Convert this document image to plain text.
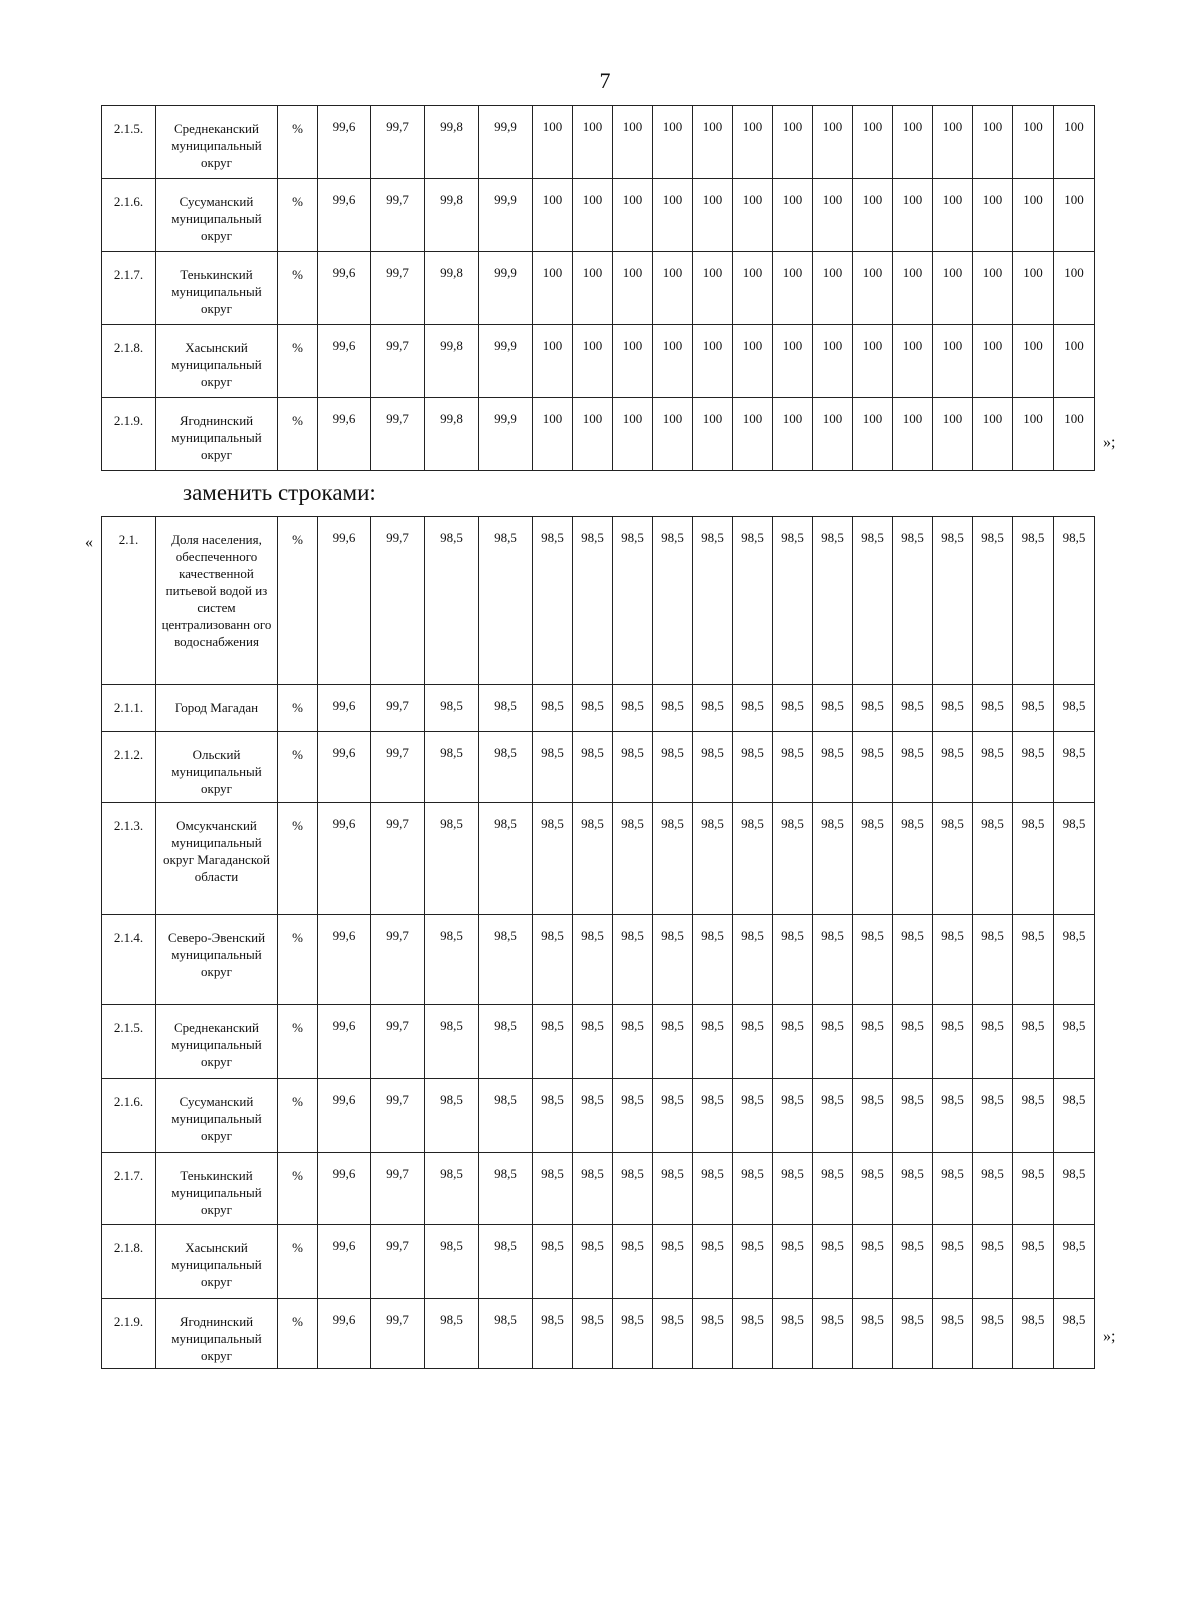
7
2.1.5.	Среднеканский муниципальный округ	%	99,6	99,7	99,8	99,9	100	100	100	100	100	100	100	100	100	100	100	100	100	100
2.1.6.	Сусуманский муниципальный округ	%	99,6	99,7	99,8	99,9	100	100	100	100	100	100	100	100	100	100	100	100	100	100
2.1.7.	Тенькинский муниципальный округ	%	99,6	99,7	99,8	99,9	100	100	100	100	100	100	100	100	100	100	100	100	100	100
2.1.8.	Хасынский муниципальный округ	%	99,6	99,7	99,8	99,9	100	100	100	100	100	100	100	100	100	100	100	100	100	100
2.1.9.	Ягоднинский муниципальный округ	%	99,6	99,7	99,8	99,9	100	100	100	100	100	100	100	100	100	100	100	100	100	100
»;
заменить строками:
« 2.1.	Доля населения, обеспеченного качественной питьевой водой из систем централизованн ого водоснабжения	%	99,6	99,7	98,5	98,5	98,5	98,5	98,5	98,5	98,5	98,5	98,5	98,5	98,5	98,5	98,5	98,5	98,5	98,5
2.1.1.	Город Магадан	%	99,6	99,7	98,5	98,5	98,5	98,5	98,5	98,5	98,5	98,5	98,5	98,5	98,5	98,5	98,5	98,5	98,5	98,5
2.1.2.	Ольский муниципальный округ	%	99,6	99,7	98,5	98,5	98,5	98,5	98,5	98,5	98,5	98,5	98,5	98,5	98,5	98,5	98,5	98,5	98,5	98,5
2.1.3.	Омсукчанский муниципальный округ Магаданской области	%	99,6	99,7	98,5	98,5	98,5	98,5	98,5	98,5	98,5	98,5	98,5	98,5	98,5	98,5	98,5	98,5	98,5	98,5
2.1.4.	Северо-Эвенский муниципальный округ	%	99,6	99,7	98,5	98,5	98,5	98,5	98,5	98,5	98,5	98,5	98,5	98,5	98,5	98,5	98,5	98,5	98,5	98,5
2.1.5.	Среднеканский муниципальный округ	%	99,6	99,7	98,5	98,5	98,5	98,5	98,5	98,5	98,5	98,5	98,5	98,5	98,5	98,5	98,5	98,5	98,5	98,5
2.1.6.	Сусуманский муниципальный округ	%	99,6	99,7	98,5	98,5	98,5	98,5	98,5	98,5	98,5	98,5	98,5	98,5	98,5	98,5	98,5	98,5	98,5	98,5
2.1.7.	Тенькинский муниципальный округ	%	99,6	99,7	98,5	98,5	98,5	98,5	98,5	98,5	98,5	98,5	98,5	98,5	98,5	98,5	98,5	98,5	98,5	98,5
2.1.8.	Хасынский муниципальный округ	%	99,6	99,7	98,5	98,5	98,5	98,5	98,5	98,5	98,5	98,5	98,5	98,5	98,5	98,5	98,5	98,5	98,5	98,5
2.1.9.	Ягоднинский муниципальный округ	%	99,6	99,7	98,5	98,5	98,5	98,5	98,5	98,5	98,5	98,5	98,5	98,5	98,5	98,5	98,5	98,5	98,5	98,5
»;
